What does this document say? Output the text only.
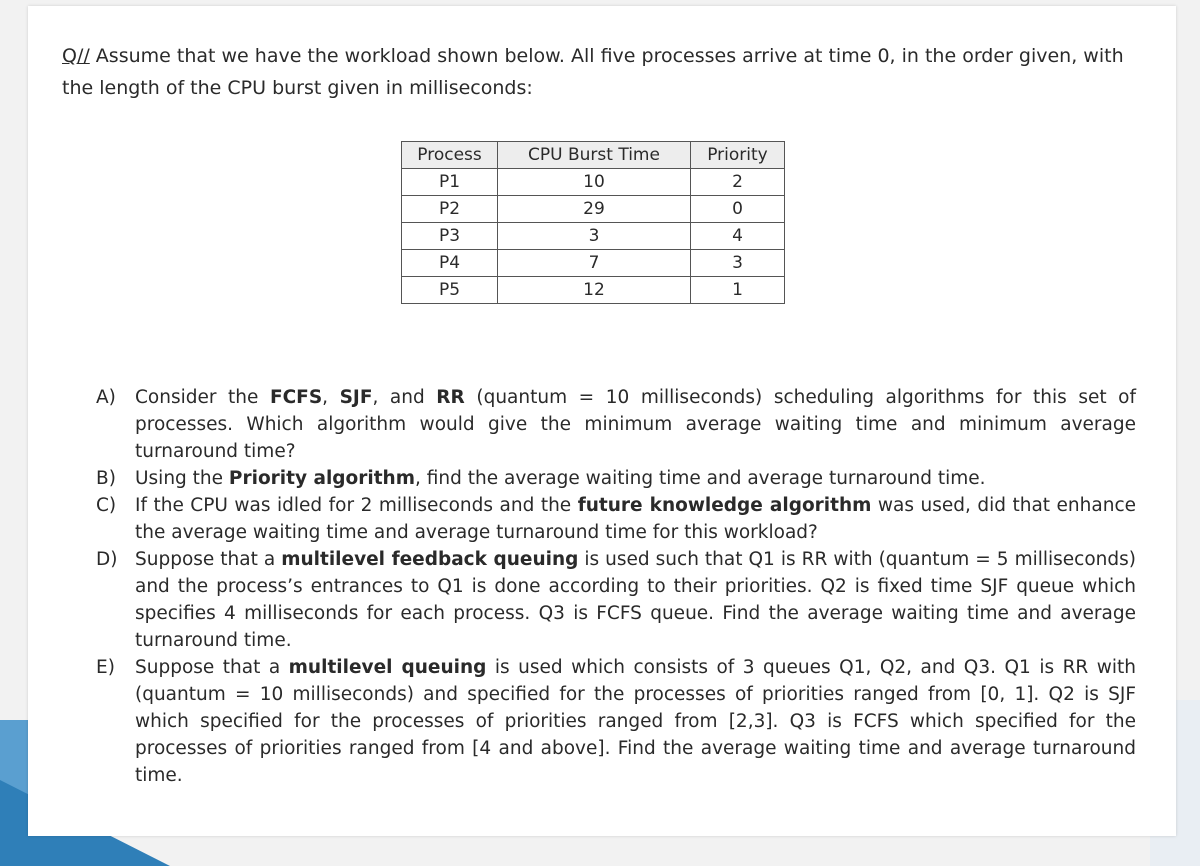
Q// Assume that we have the workload shown below. All five processes arrive at time 0, in the order given, with the length of the CPU burst given in milliseconds:

Process	CPU Burst Time	Priority
P1	10	2
P2	29	0
P3	3	4
P4	7	3
P5	12	1
A) Consider the FCFS, SJF, and RR (quantum = 10 milliseconds) scheduling algorithms for this set of processes. Which algorithm would give the minimum average waiting time and minimum average turnaround time?
B) Using the Priority algorithm, find the average waiting time and average turnaround time.
C) If the CPU was idled for 2 milliseconds and the future knowledge algorithm was used, did that enhance the average waiting time and average turnaround time for this workload?
D) Suppose that a multilevel feedback queuing is used such that Q1 is RR with (quantum = 5 milliseconds) and the process’s entrances to Q1 is done according to their priorities. Q2 is fixed time SJF queue which specifies 4 milliseconds for each process. Q3 is FCFS queue. Find the average waiting time and average turnaround time.
E) Suppose that a multilevel queuing is used which consists of 3 queues Q1, Q2, and Q3. Q1 is RR with (quantum = 10 milliseconds) and specified for the processes of priorities ranged from [0, 1]. Q2 is SJF which specified for the processes of priorities ranged from [2,3]. Q3 is FCFS which specified for the processes of priorities ranged from [4 and above]. Find the average waiting time and average turnaround time.
